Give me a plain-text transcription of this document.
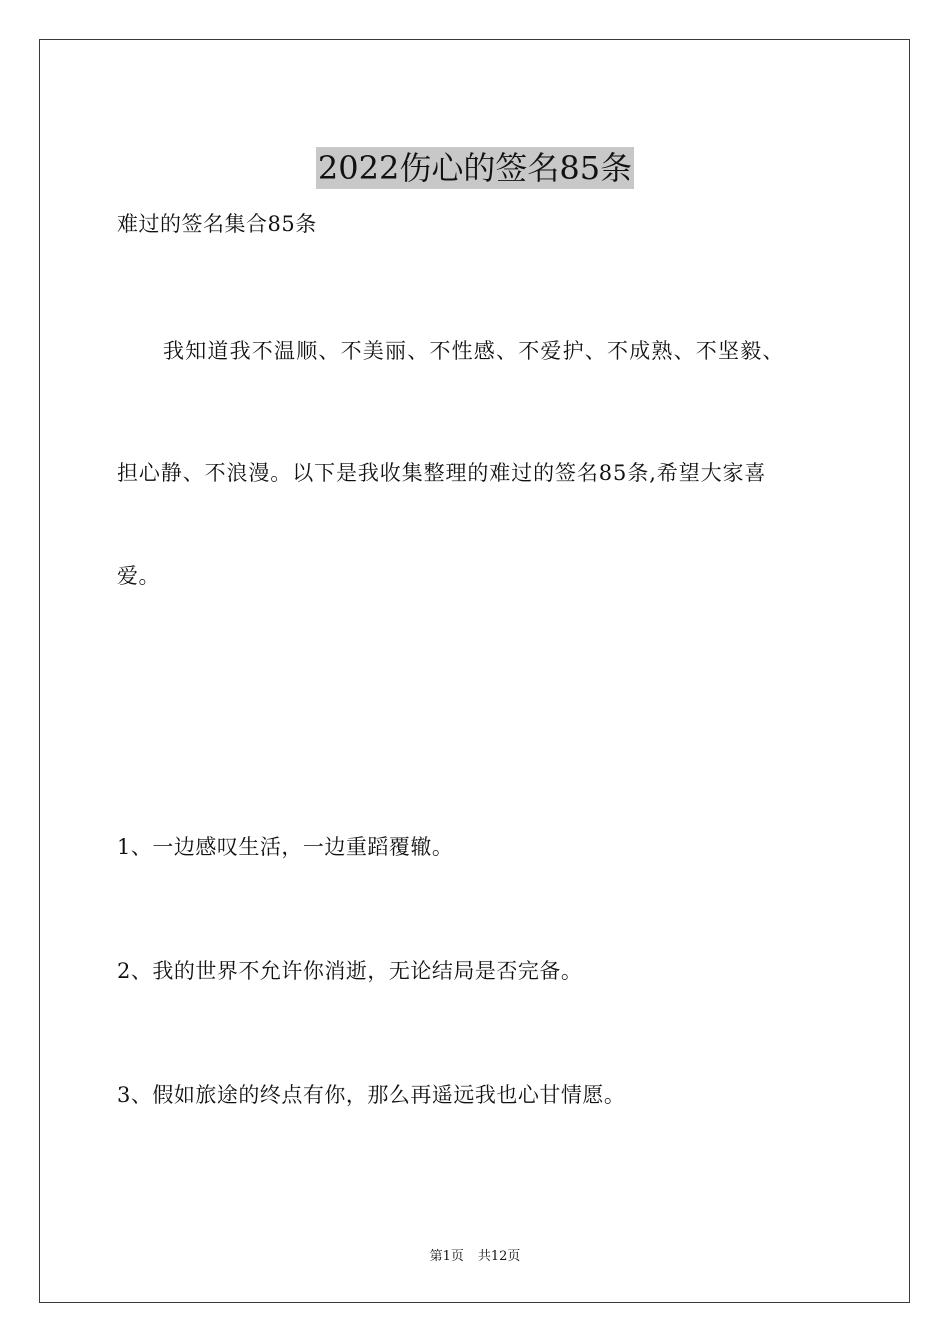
2022伤心的签名85条
难过的签名集合85条
我知道我不温顺、不美丽、不性感、不爱护、不成熟、不坚毅、
担心静、不浪漫。以下是我收集整理的难过的签名85条,希望大家喜
爱。
1、一边感叹生活，一边重蹈覆辙。
2、我的世界不允许你消逝，无论结局是否完备。
3、假如旅途的终点有你，那么再遥远我也心甘情愿。
第1页 共12页
